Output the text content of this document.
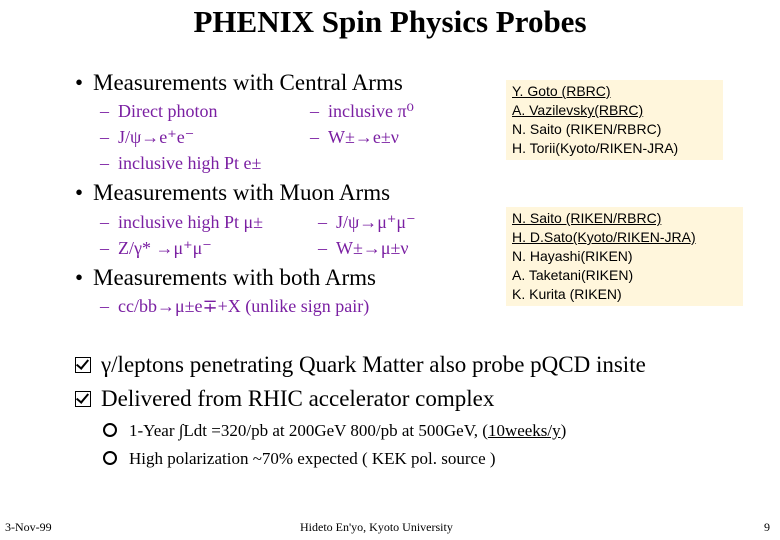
PHENIX Spin Physics Probes
• Measurements with Central Arms
– Direct photon
– J/ψ→e⁺e⁻
– inclusive high Pt e±
– inclusive π⁰
– W±→e±ν
Y. Goto (RBRC)
A. Vazilevsky(RBRC)
N. Saito (RIKEN/RBRC)
H. Torii(Kyoto/RIKEN-JRA)
• Measurements with Muon Arms
– inclusive high Pt μ±
– Z/γ* →μ⁺μ⁻
– J/ψ→μ⁺μ⁻
– W±→μ±ν
N. Saito (RIKEN/RBRC)
H. D.Sato(Kyoto/RIKEN-JRA)
N. Hayashi(RIKEN)
A. Taketani(RIKEN)
K. Kurita (RIKEN)
• Measurements with both Arms
– cc/bb→μ±e∓+X (unlike sign pair)
γ/leptons penetrating Quark Matter also probe pQCD insite
Delivered from RHIC accelerator complex
1-Year ∫Ldt =320/pb at 200GeV 800/pb at 500GeV, (10weeks/y)
High polarization ~70% expected ( KEK pol. source )
3-Nov-99	Hideto En'yo, Kyoto University	9
